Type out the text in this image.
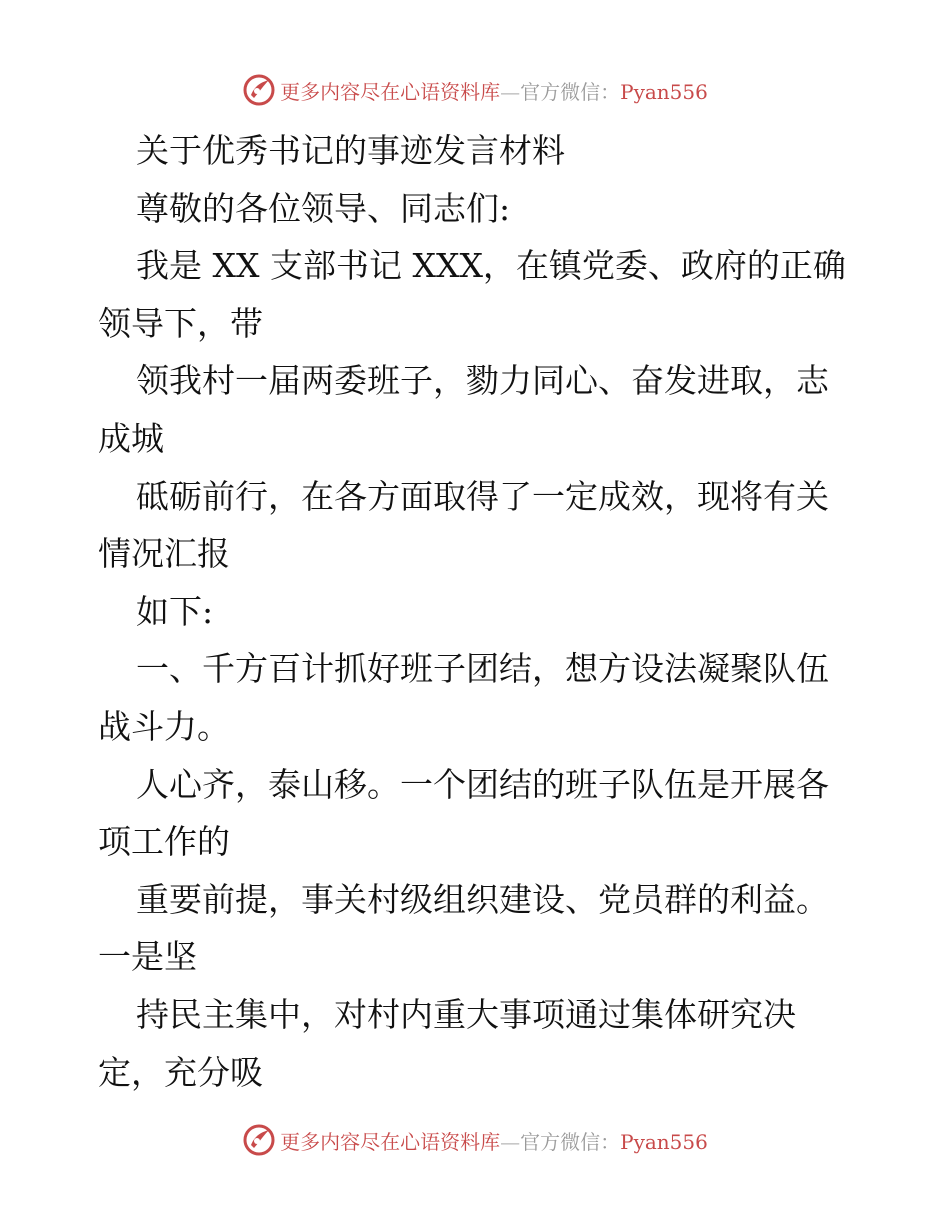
更多内容尽在心语资料库—官方微信：Pyan556
关于优秀书记的事迹发言材料
尊敬的各位领导、同志们:
我是 XX 支部书记 XXX，在镇党委、政府的正确
领导下，带
领我村一届两委班子，勠力同心、奋发进取，志
成城
砥砺前行，在各方面取得了一定成效，现将有关
情况汇报
如下:
一、千方百计抓好班子团结，想方设法凝聚队伍
战斗力。
人心齐，泰山移。一个团结的班子队伍是开展各
项工作的
重要前提，事关村级组织建设、党员群的利益。
一是坚
持民主集中，对村内重大事项通过集体研究决
定，充分吸
更多内容尽在心语资料库—官方微信：Pyan556
